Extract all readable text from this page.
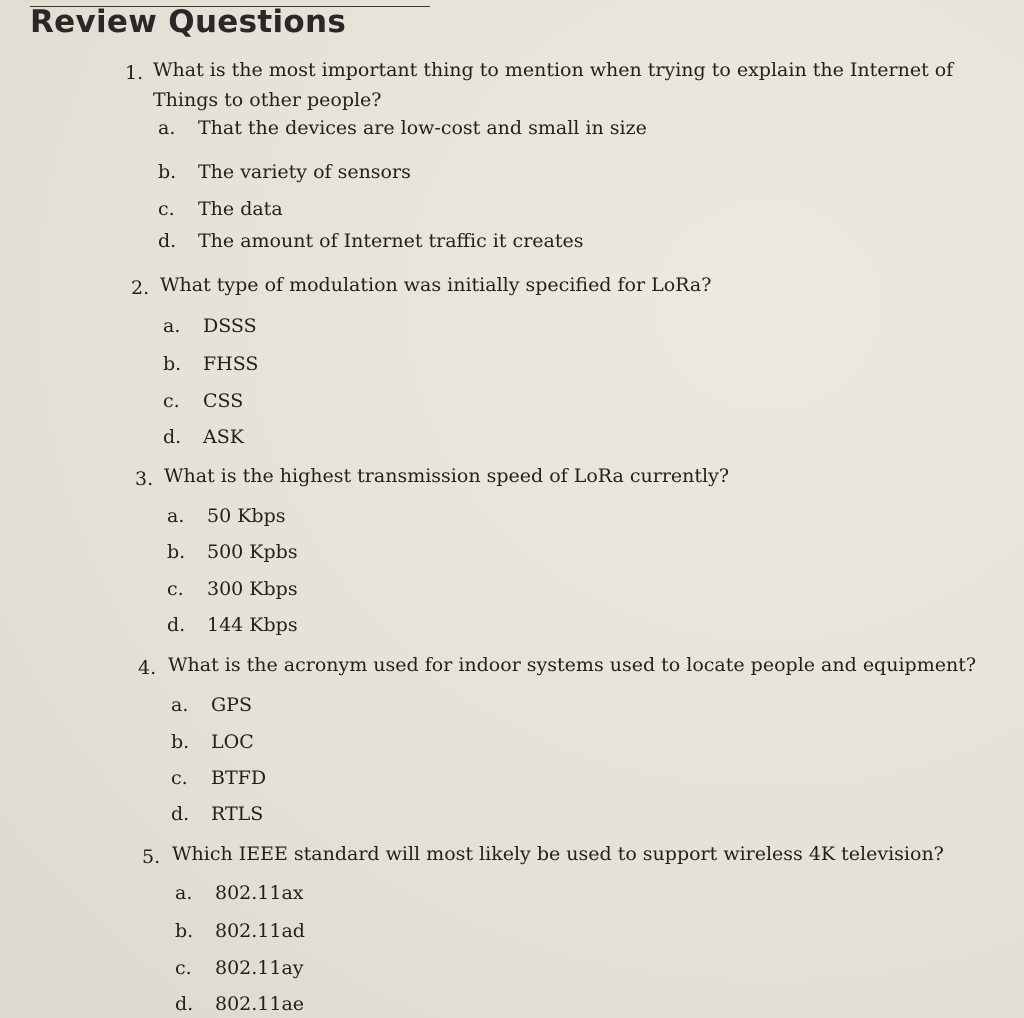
Review Questions
1. What is the most important thing to mention when trying to explain the Internet of Things to other people?
a. That the devices are low-cost and small in size
b. The variety of sensors
c. The data
d. The amount of Internet traffic it creates
2. What type of modulation was initially specified for LoRa?
a. DSSS
b. FHSS
c. CSS
d. ASK
3. What is the highest transmission speed of LoRa currently?
a. 50 Kbps
b. 500 Kpbs
c. 300 Kbps
d. 144 Kbps
4. What is the acronym used for indoor systems used to locate people and equipment?
a. GPS
b. LOC
c. BTFD
d. RTLS
5. Which IEEE standard will most likely be used to support wireless 4K television?
a. 802.11ax
b. 802.11ad
c. 802.11ay
d. 802.11ae
